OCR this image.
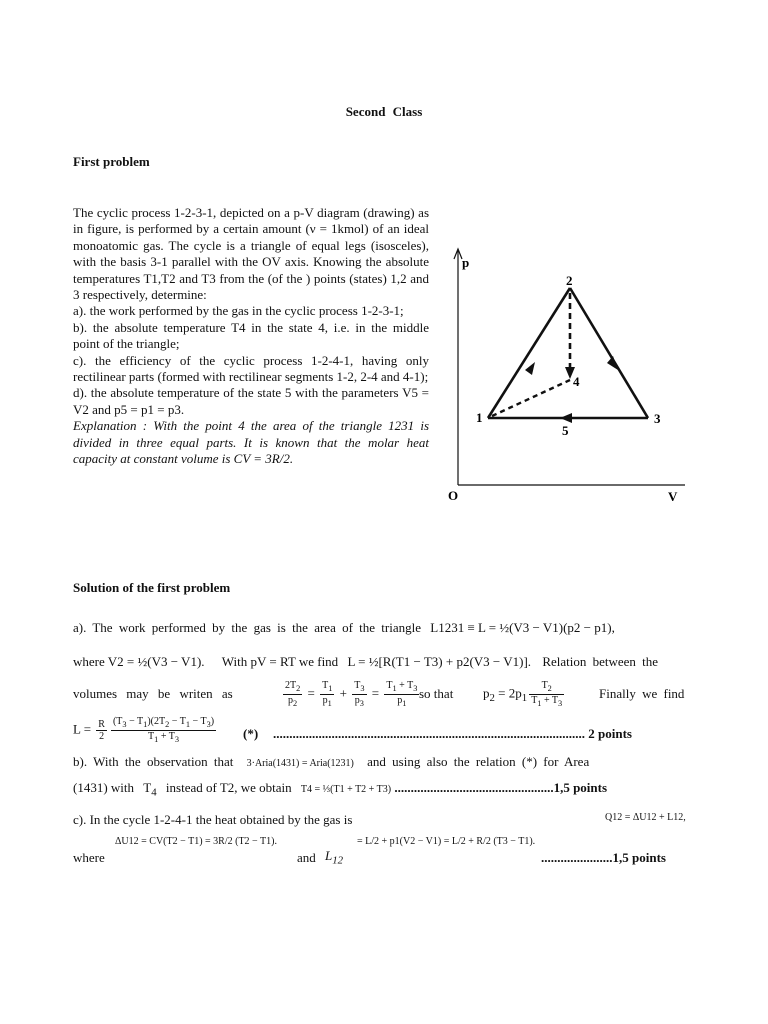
Second Class
First problem

The cyclic process 1-2-3-1, depicted on a p-V diagram (drawing) as in figure, is performed by a certain amount (ν = 1kmol) of an ideal monoatomic gas. The cycle is a triangle of equal legs (isosceles), with the basis 3-1 parallel with the OV axis. Knowing the absolute temperatures T1,T2 and T3 from the (of the ) points (states) 1,2 and 3 respectively, determine:

a). the work performed by the gas in the cyclic process 1-2-3-1;

b). the absolute temperature T4 in the state 4, i.e. in the middle point of the triangle;

c). the efficiency of the cyclic process 1-2-4-1, having only rectilinear parts (formed with rectilinear segments 1-2, 2-4 and 4-1);

d). the absolute temperature of the state 5 with the parameters V5 = V2 and p5 = p1 = p3.

Explanation : With the point 4 the area of the triangle 1231 is divided in three equal parts. It is known that the molar heat capacity at constant volume is CV = 3R/2.

p
V
O
1
2
3
4
5
Solution of the first problem
a). The work performed by the gas is the area of the triangle L1231 ≡ L = ½(V3 − V1)(p2 − p1),
where V2 = ½(V3 − V1). With pV = RT we find L = ½[R(T1 − T3) + p2(V3 − V1)]. Relation between the
volumes may be writen as	$\frac{2T_2}{p_2} = \frac{T_1}{p_1} + \frac{T_3}{p_3} = \frac{T_1 + T_3}{p_1}$ so that $p_2 = 2p_1 \frac{T_2}{T_1 + T_3}$	Finally we find
$L = \frac{R}{2} \frac{(T_3 - T_1)(2T_2 - T_1 - T_3)}{T_1 + T_3}$ (*) ................................................................................................ 2 points
b). With the observation that 3·Aria(1431) = Aria(1231) and using also the relation (*) for Area
(1431) with $T_4$ instead of T2, we obtain T4 = ⅓(T1 + T2 + T3) .................................................1,5 points
c). In the cycle 1-2-4-1 the heat obtained by the gas is	Q12 = ΔU12 + L12,
where
ΔU12 = CV(T2 − T1) = 3R/2 (T2 − T1).
and $L_{12}$
= L/2 + p1(V2 − V1) = L/2 + R/2 (T3 − T1).
......................1,5 points
